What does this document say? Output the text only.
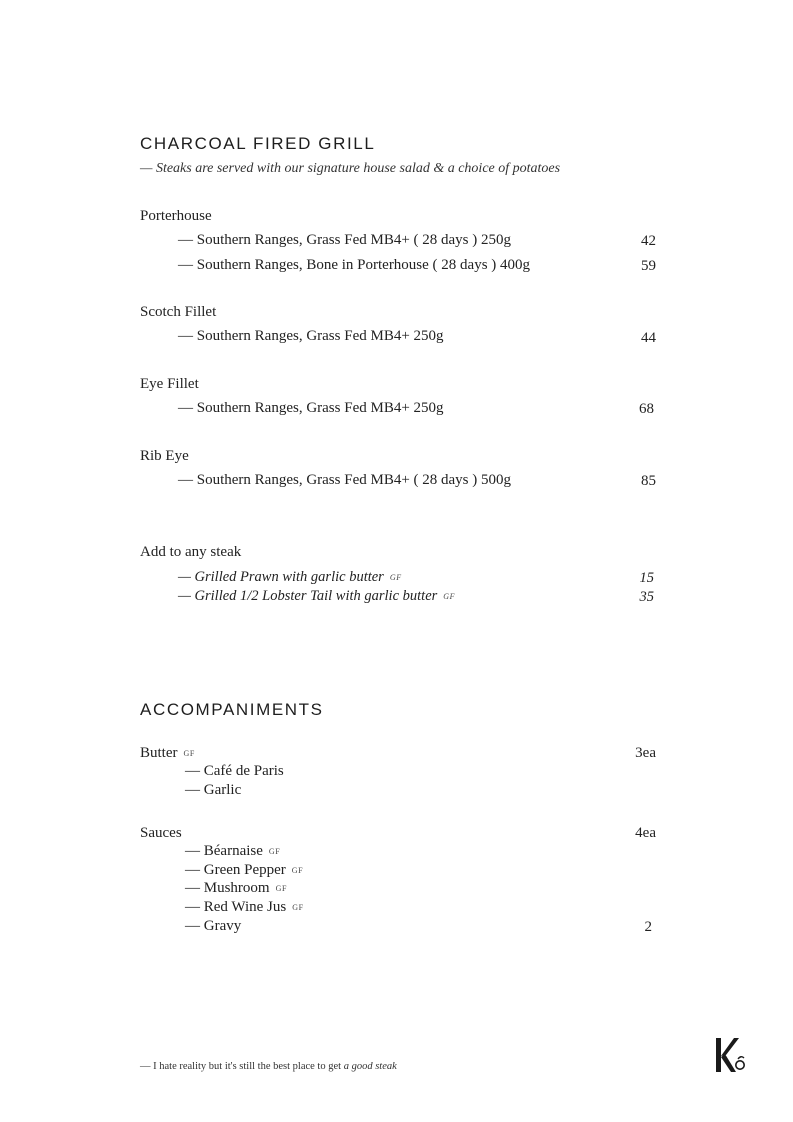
CHARCOAL FIRED GRILL
— Steaks are served with our signature house salad & a choice of potatoes
Porterhouse
— Southern Ranges, Grass Fed MB4+ ( 28 days ) 250g	42
— Southern Ranges, Bone in Porterhouse ( 28 days ) 400g	59
Scotch Fillet
— Southern Ranges, Grass Fed MB4+ 250g	44
Eye Fillet
— Southern Ranges, Grass Fed MB4+ 250g	68
Rib Eye
— Southern Ranges, Grass Fed MB4+ ( 28 days ) 500g	85
Add to any steak
— Grilled Prawn with garlic butter GF	15
— Grilled 1/2 Lobster Tail with garlic butter GF	35
ACCOMPANIMENTS
Butter GF	3ea
— Café de Paris
— Garlic
Sauces	4ea
— Béarnaise GF
— Green Pepper GF
— Mushroom GF
— Red Wine Jus GF
— Gravy	2
— I hate reality but it's still the best place to get a good steak
